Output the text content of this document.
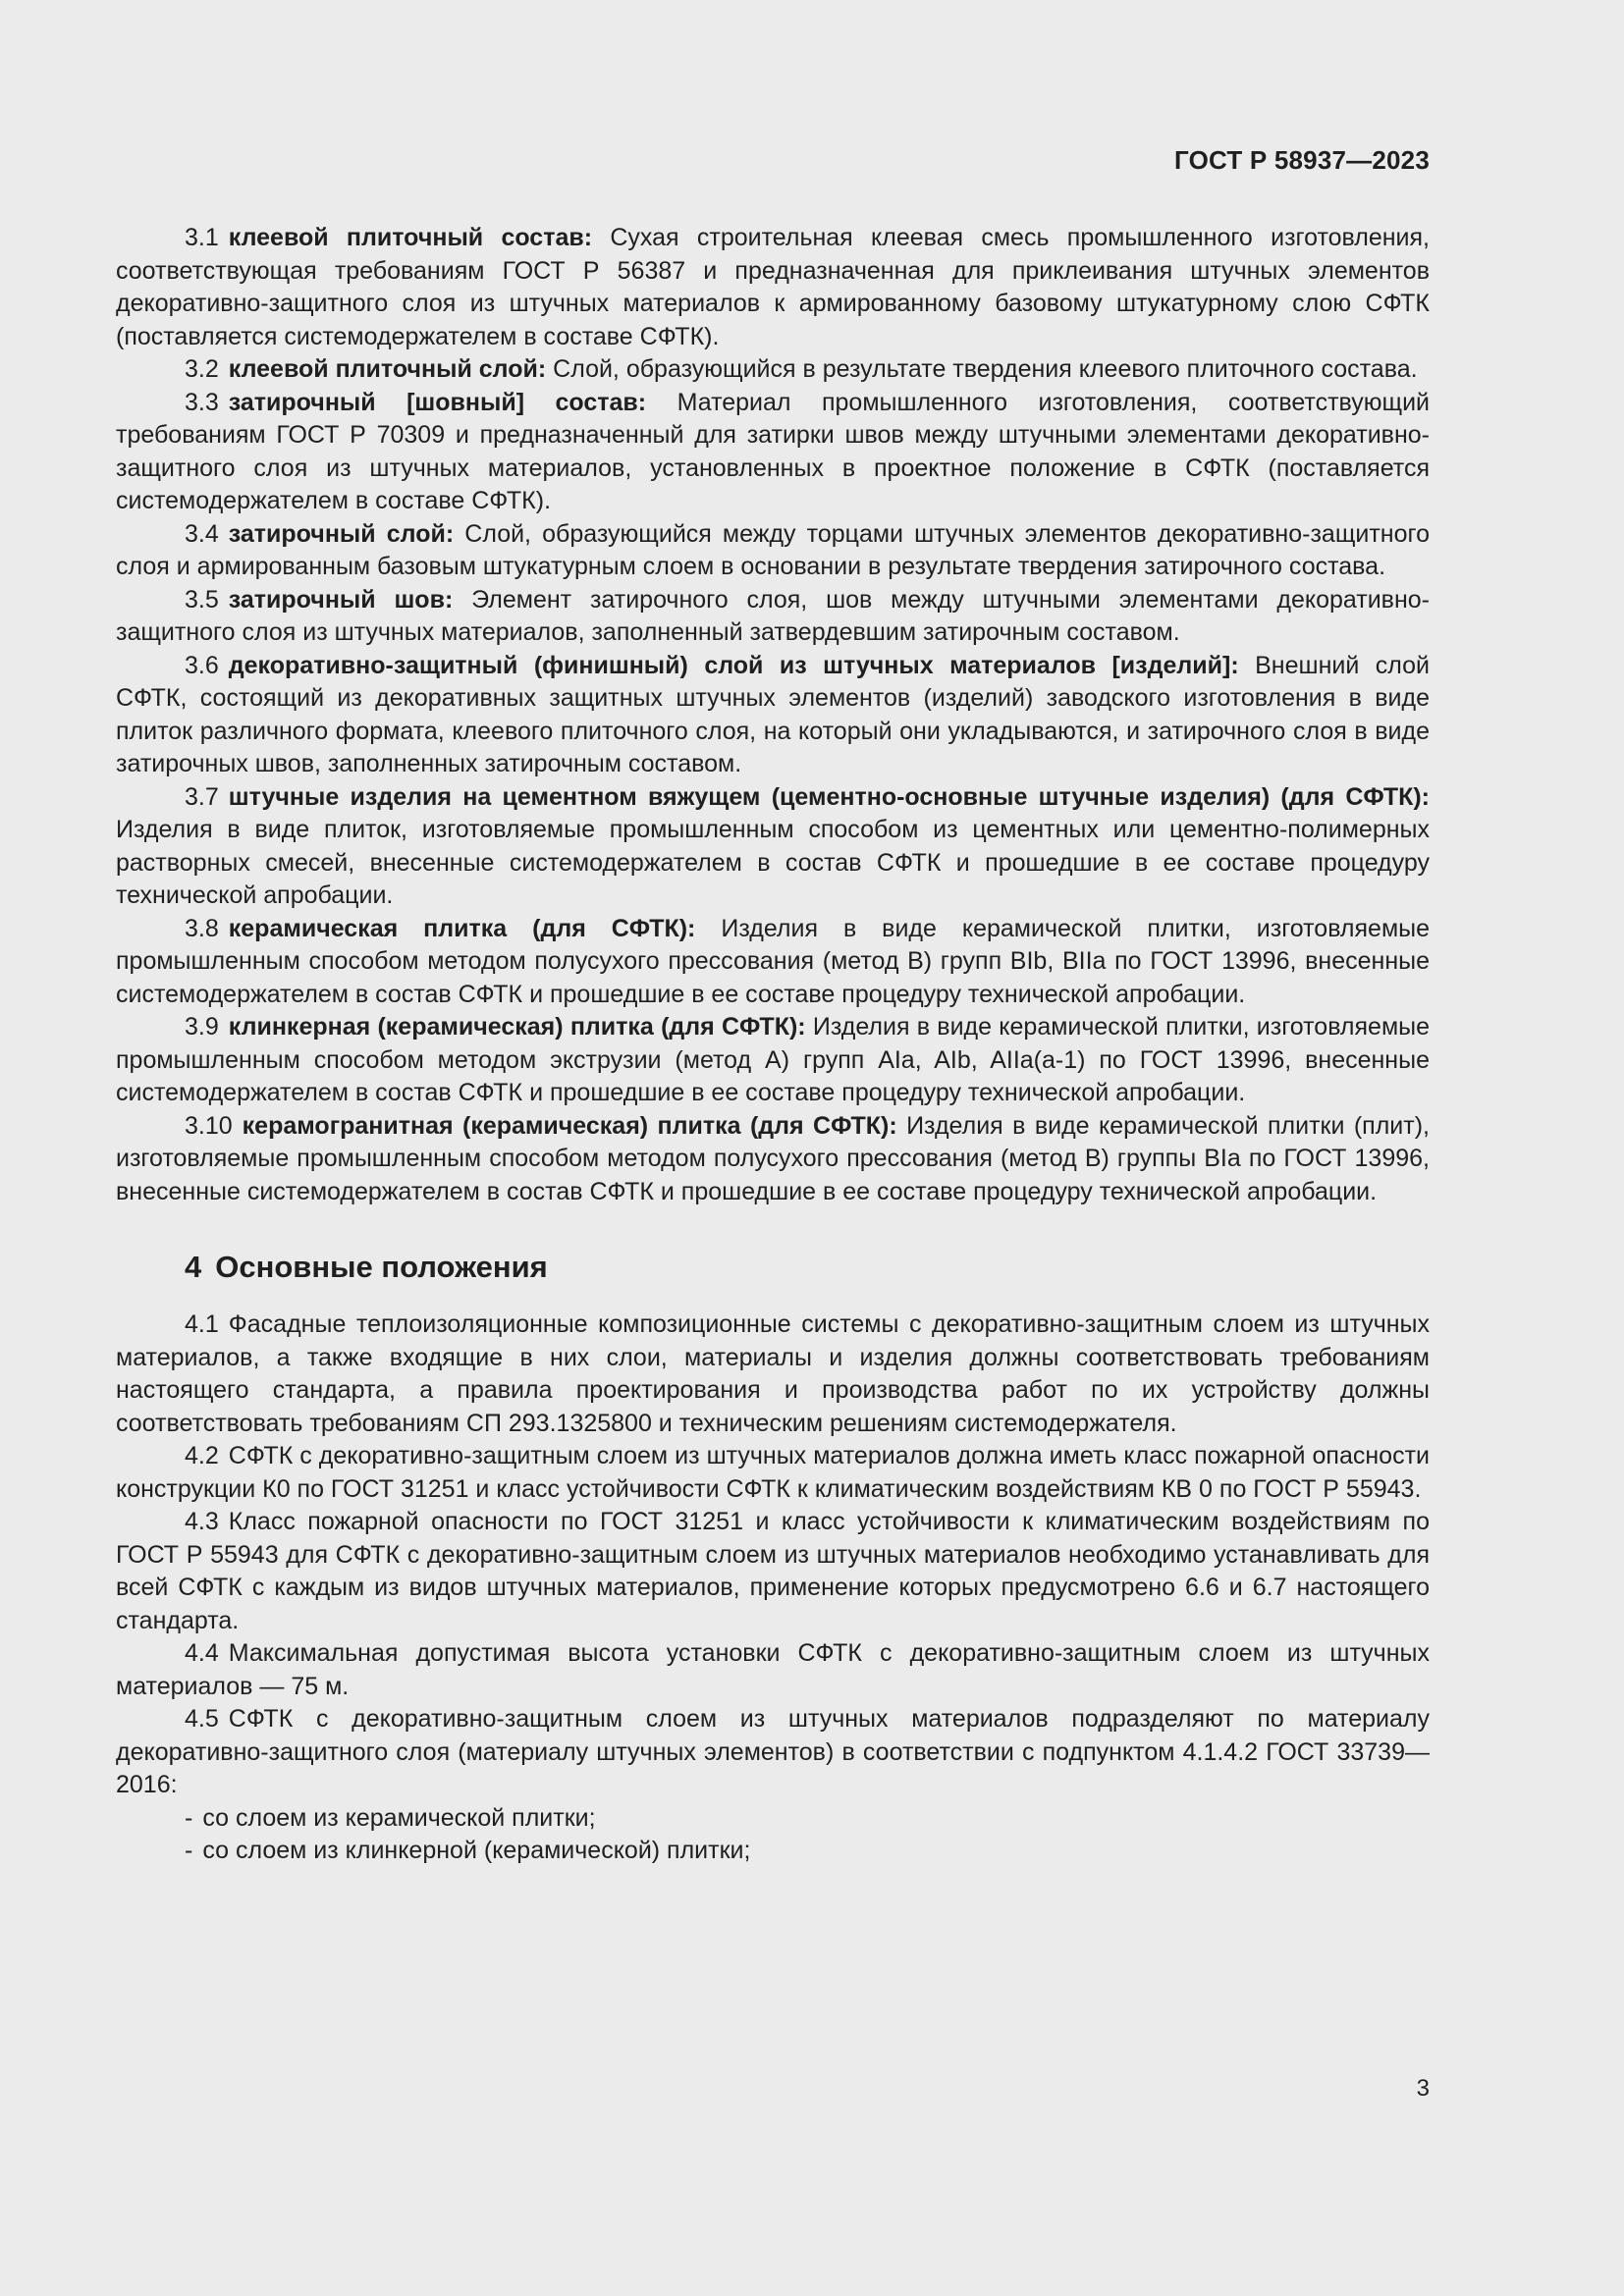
ГОСТ Р 58937—2023

3.1 клеевой плиточный состав: Сухая строительная клеевая смесь промышленного изготовления, соответствующая требованиям ГОСТ Р 56387 и предназначенная для приклеивания штучных элементов декоративно-защитного слоя из штучных материалов к армированному базовому штукатурному слою СФТК (поставляется системодержателем в составе СФТК).

3.2 клеевой плиточный слой: Слой, образующийся в результате твердения клеевого плиточного состава.

3.3 затирочный [шовный] состав: Материал промышленного изготовления, соответствующий требованиям ГОСТ Р 70309 и предназначенный для затирки швов между штучными элементами декоративно-защитного слоя из штучных материалов, установленных в проектное положение в СФТК (поставляется системодержателем в составе СФТК).

3.4 затирочный слой: Слой, образующийся между торцами штучных элементов декоративно-защитного слоя и армированным базовым штукатурным слоем в основании в результате твердения затирочного состава.

3.5 затирочный шов: Элемент затирочного слоя, шов между штучными элементами декоративно-защитного слоя из штучных материалов, заполненный затвердевшим затирочным составом.

3.6 декоративно-защитный (финишный) слой из штучных материалов [изделий]: Внешний слой СФТК, состоящий из декоративных защитных штучных элементов (изделий) заводского изготовления в виде плиток различного формата, клеевого плиточного слоя, на который они укладываются, и затирочного слоя в виде затирочных швов, заполненных затирочным составом.

3.7 штучные изделия на цементном вяжущем (цементно-основные штучные изделия) (для СФТК): Изделия в виде плиток, изготовляемые промышленным способом из цементных или цементно-полимерных растворных смесей, внесенные системодержателем в состав СФТК и прошедшие в ее составе процедуру технической апробации.

3.8 керамическая плитка (для СФТК): Изделия в виде керамической плитки, изготовляемые промышленным способом методом полусухого прессования (метод В) групп BIb, BIIa по ГОСТ 13996, внесенные системодержателем в состав СФТК и прошедшие в ее составе процедуру технической апробации.

3.9 клинкерная (керамическая) плитка (для СФТК): Изделия в виде керамической плитки, изготовляемые промышленным способом методом экструзии (метод А) групп AIa, AIb, AIIa(a-1) по ГОСТ 13996, внесенные системодержателем в состав СФТК и прошедшие в ее составе процедуру технической апробации.

3.10 керамогранитная (керамическая) плитка (для СФТК): Изделия в виде керамической плитки (плит), изготовляемые промышленным способом методом полусухого прессования (метод В) группы BIa по ГОСТ 13996, внесенные системодержателем в состав СФТК и прошедшие в ее составе процедуру технической апробации.

4 Основные положения

4.1 Фасадные теплоизоляционные композиционные системы с декоративно-защитным слоем из штучных материалов, а также входящие в них слои, материалы и изделия должны соответствовать требованиям настоящего стандарта, а правила проектирования и производства работ по их устройству должны соответствовать требованиям СП 293.1325800 и техническим решениям системодержателя.

4.2 СФТК с декоративно-защитным слоем из штучных материалов должна иметь класс пожарной опасности конструкции К0 по ГОСТ 31251 и класс устойчивости СФТК к климатическим воздействиям КВ 0 по ГОСТ Р 55943.

4.3 Класс пожарной опасности по ГОСТ 31251 и класс устойчивости к климатическим воздействиям по ГОСТ Р 55943 для СФТК с декоративно-защитным слоем из штучных материалов необходимо устанавливать для всей СФТК с каждым из видов штучных материалов, применение которых предусмотрено 6.6 и 6.7 настоящего стандарта.

4.4 Максимальная допустимая высота установки СФТК с декоративно-защитным слоем из штучных материалов — 75 м.

4.5 СФТК с декоративно-защитным слоем из штучных материалов подразделяют по материалу декоративно-защитного слоя (материалу штучных элементов) в соответствии с подпунктом 4.1.4.2 ГОСТ 33739—2016:

- со слоем из керамической плитки;

- со слоем из клинкерной (керамической) плитки;

3
